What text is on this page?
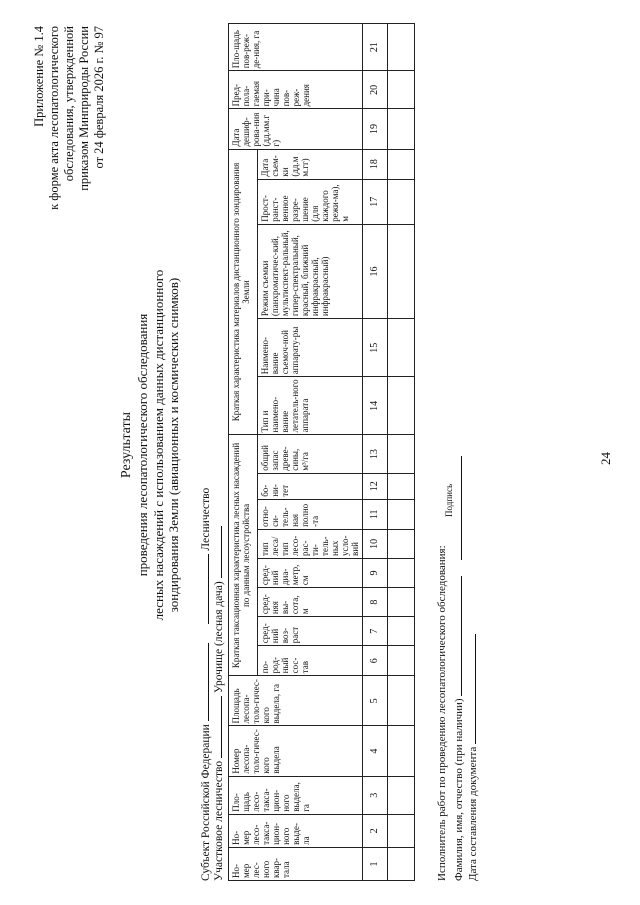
24
Приложение № 1.4 к форме акта лесопатологического обследования, утвержденной приказом Минприроды России от 24 февраля 2026 г. № 97
Результаты проведения лесопатологического обследования лесных насаждений с использованием данных дистанционного зондирования Земли (авиационных и космических снимков)
Субъект Российской Федерации    Лесничество
Участковое лесничество  Урочище (лесная дача)
Но-мер лес-ного квар-тала	Но-мер лесо-такса-цион-ного выде-ла	Пло-щадь лесо-такса-цион-ного выдела, га	Номер лесопа-толо-гичес-кого выдела	Площадь лесопа-толо-гичес-кого выдела, га	Краткая таксационная характеристика лесных насаждений по данным лесоустройства								Краткая характеристика материалов дистанционного зондирования Земли					Дата дешиф-рова-ния (дд.мм.гг)	Пред-пола-гаемая при-чина пов-реж-дения	Пло-щадь пов-реж-де-ния, га
					по-род-ный сос-тав	сред-ний воз-раст	сред-няя вы-сота, м	сред-ний диа-метр, см	тип леса/ тип лесо-рас-ти-тель-ных усло-вий	отно-си-тель-ная полно-та	бо-ни-тет	общий запас древе-сины, м³/га	Тип и наимено-вание летатель-ного аппарата	Наимено-вание съемоч-ной аппарату-ры	Режим съемки (панхроматичес-кий, мультиспект-ральный, гипер-спектральный, красный, ближний инфракрасный, инфракрасный)	Прост-ранст-венное разре-шение (для каждого режи-ма), м	Дата съем-ки (дд.мм.гг)			

1	2	3	4	5	6	7	8	9	10	11	12	13	14	15	16	17	18	19	20	21

Исполнитель работ по проведению лесопатологического обследования: Фамилия, имя, отчество (при наличии)
Подпись
Дата составления документа
